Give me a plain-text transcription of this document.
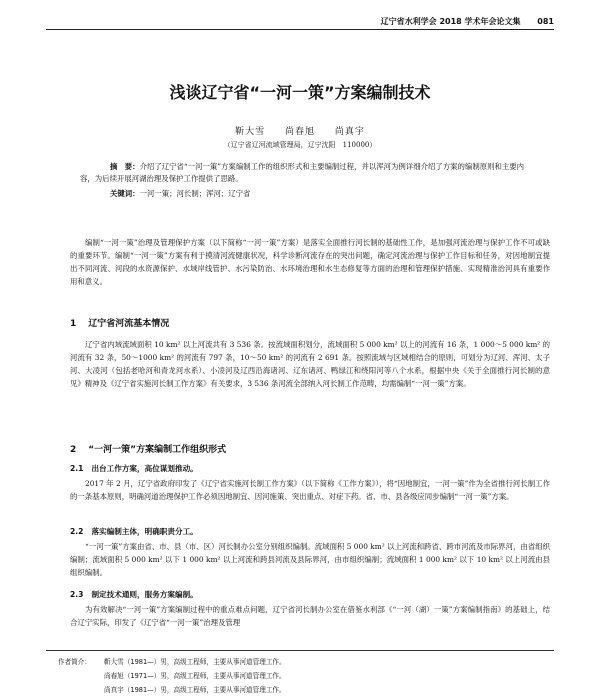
辽宁省水利学会 2018 学术年会论文集 081
浅谈辽宁省“一河一策”方案编制技术
靳大雪 尚春旭 尚真宇
（辽宁省辽河流域管理局，辽宁沈阳　110000）
摘　要：介绍了辽宁省“一河一策”方案编制工作的组织形式和主要编制过程，并以浑河为例详细介绍了方案的编制原则和主要内容，为后续开展河湖治理及保护工作提供了思路。
关键词：一河一策；河长制；浑河；辽宁省
编制“一河一策”治理及管理保护方案（以下简称“一河一策”方案）是落实全面推行河长制的基础性工作，是加强河流治理与保护工作不可或缺的重要环节。编制“一河一策”方案有利于摸清河流健康状况，科学诊断河流存在的突出问题，确定河流治理与保护工作目标和任务，对因地制宜提出不同河流、河段的水资源保护、水域岸线管护、水污染防治、水环境治理和水生态修复等方面的治理和管理保护措施、实现精准治河具有重要作用和意义。
1 辽宁省河流基本情况
辽宁省内域流域面积 10 km² 以上河流共有 3 536 条。按流域面积划分，流域面积 5 000 km² 以上的河流有 16 条，1 000～5 000 km² 的河流有 32 条，50～1000 km² 的河流有 797 条，10～50 km² 的河流有 2 691 条。按照流域与区域相结合的原则，可划分为辽河、浑河、太子河、大凌河（包括老哈河和青龙河水系）、小凌河及辽西沿海诸河、辽东诸河、鸭绿江和绕阳河等八个水系，根据中央《关于全面推行河长制的意见》精神及《辽宁省实施河长制工作方案》有关要求，3 536 条河流全部纳入河长制工作范畴，均需编制“一河一策”方案。
2 “一河一策”方案编制工作组织形式
2.1 出台工作方案，高位谋划推动。
2017 年 2 月，辽宁省政府印发了《辽宁省实施河长制工作方案》（以下简称《工作方案》），将“因地制宜，一河一策”作为全省推行河长制工作的一条基本原则，明确河道治理保护工作必须因地制宜、因河施策、突出重点、对症下药。省、市、县各级应同步编制“一河一策”方案。
2.2 落实编制主体，明确职责分工。
“一河一策”方案由省、市、县（市、区）河长制办公室分别组织编制。流域面积 5 000 km² 以上河流和跨省、跨市河流及市际界河，由省组织编制；流域面积 5 000 km² 以下 1 000 km² 以上河流和跨县河流及县际界河，由市组织编制；流域面积 1 000 km² 以下 10 km² 以上河流由县组织编制。
2.3 制定技术通则，服务方案编制。
为有效解决“一河一策”方案编制过程中的重点难点问题，辽宁省河长制办公室在借鉴水利部《“一河（湖）一策”方案编制指南》的基础上，结合辽宁实际，印发了《辽宁省“一河一策”治理及管理
作者简介： 靳大雪（1981—）男，高级工程师，主要从事河道管理工作。
尚春旭（1971—）男，高级工程师，主要从事河道管理工作。
尚真宇（1981—）男，高级工程师，主要从事河道管理工作。
